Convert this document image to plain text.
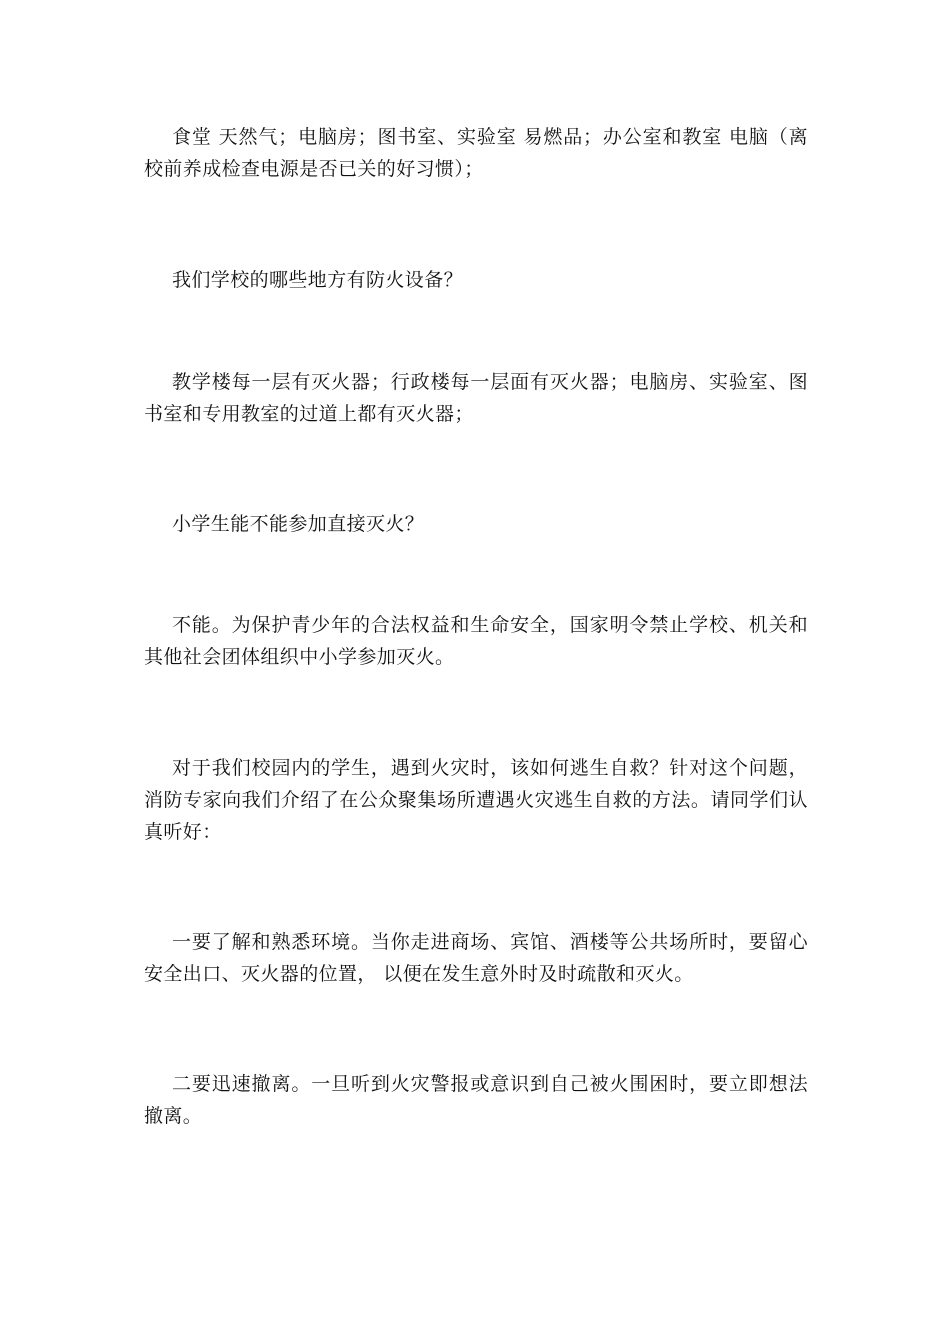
食堂 天然气；电脑房；图书室、实验室 易燃品；办公室和教室 电脑（离校前养成检查电源是否已关的好习惯）；

我们学校的哪些地方有防火设备？

教学楼每一层有灭火器；行政楼每一层面有灭火器；电脑房、实验室、图书室和专用教室的过道上都有灭火器；

小学生能不能参加直接灭火？

不能。为保护青少年的合法权益和生命安全，国家明令禁止学校、机关和其他社会团体组织中小学参加灭火。

对于我们校园内的学生，遇到火灾时，该如何逃生自救？针对这个问题，消防专家向我们介绍了在公众聚集场所遭遇火灾逃生自救的方法。请同学们认真听好：

一要了解和熟悉环境。当你走进商场、宾馆、酒楼等公共场所时，要留心安全出口、灭火器的位置， 以便在发生意外时及时疏散和灭火。

二要迅速撤离。一旦听到火灾警报或意识到自己被火围困时，要立即想法撤离。
